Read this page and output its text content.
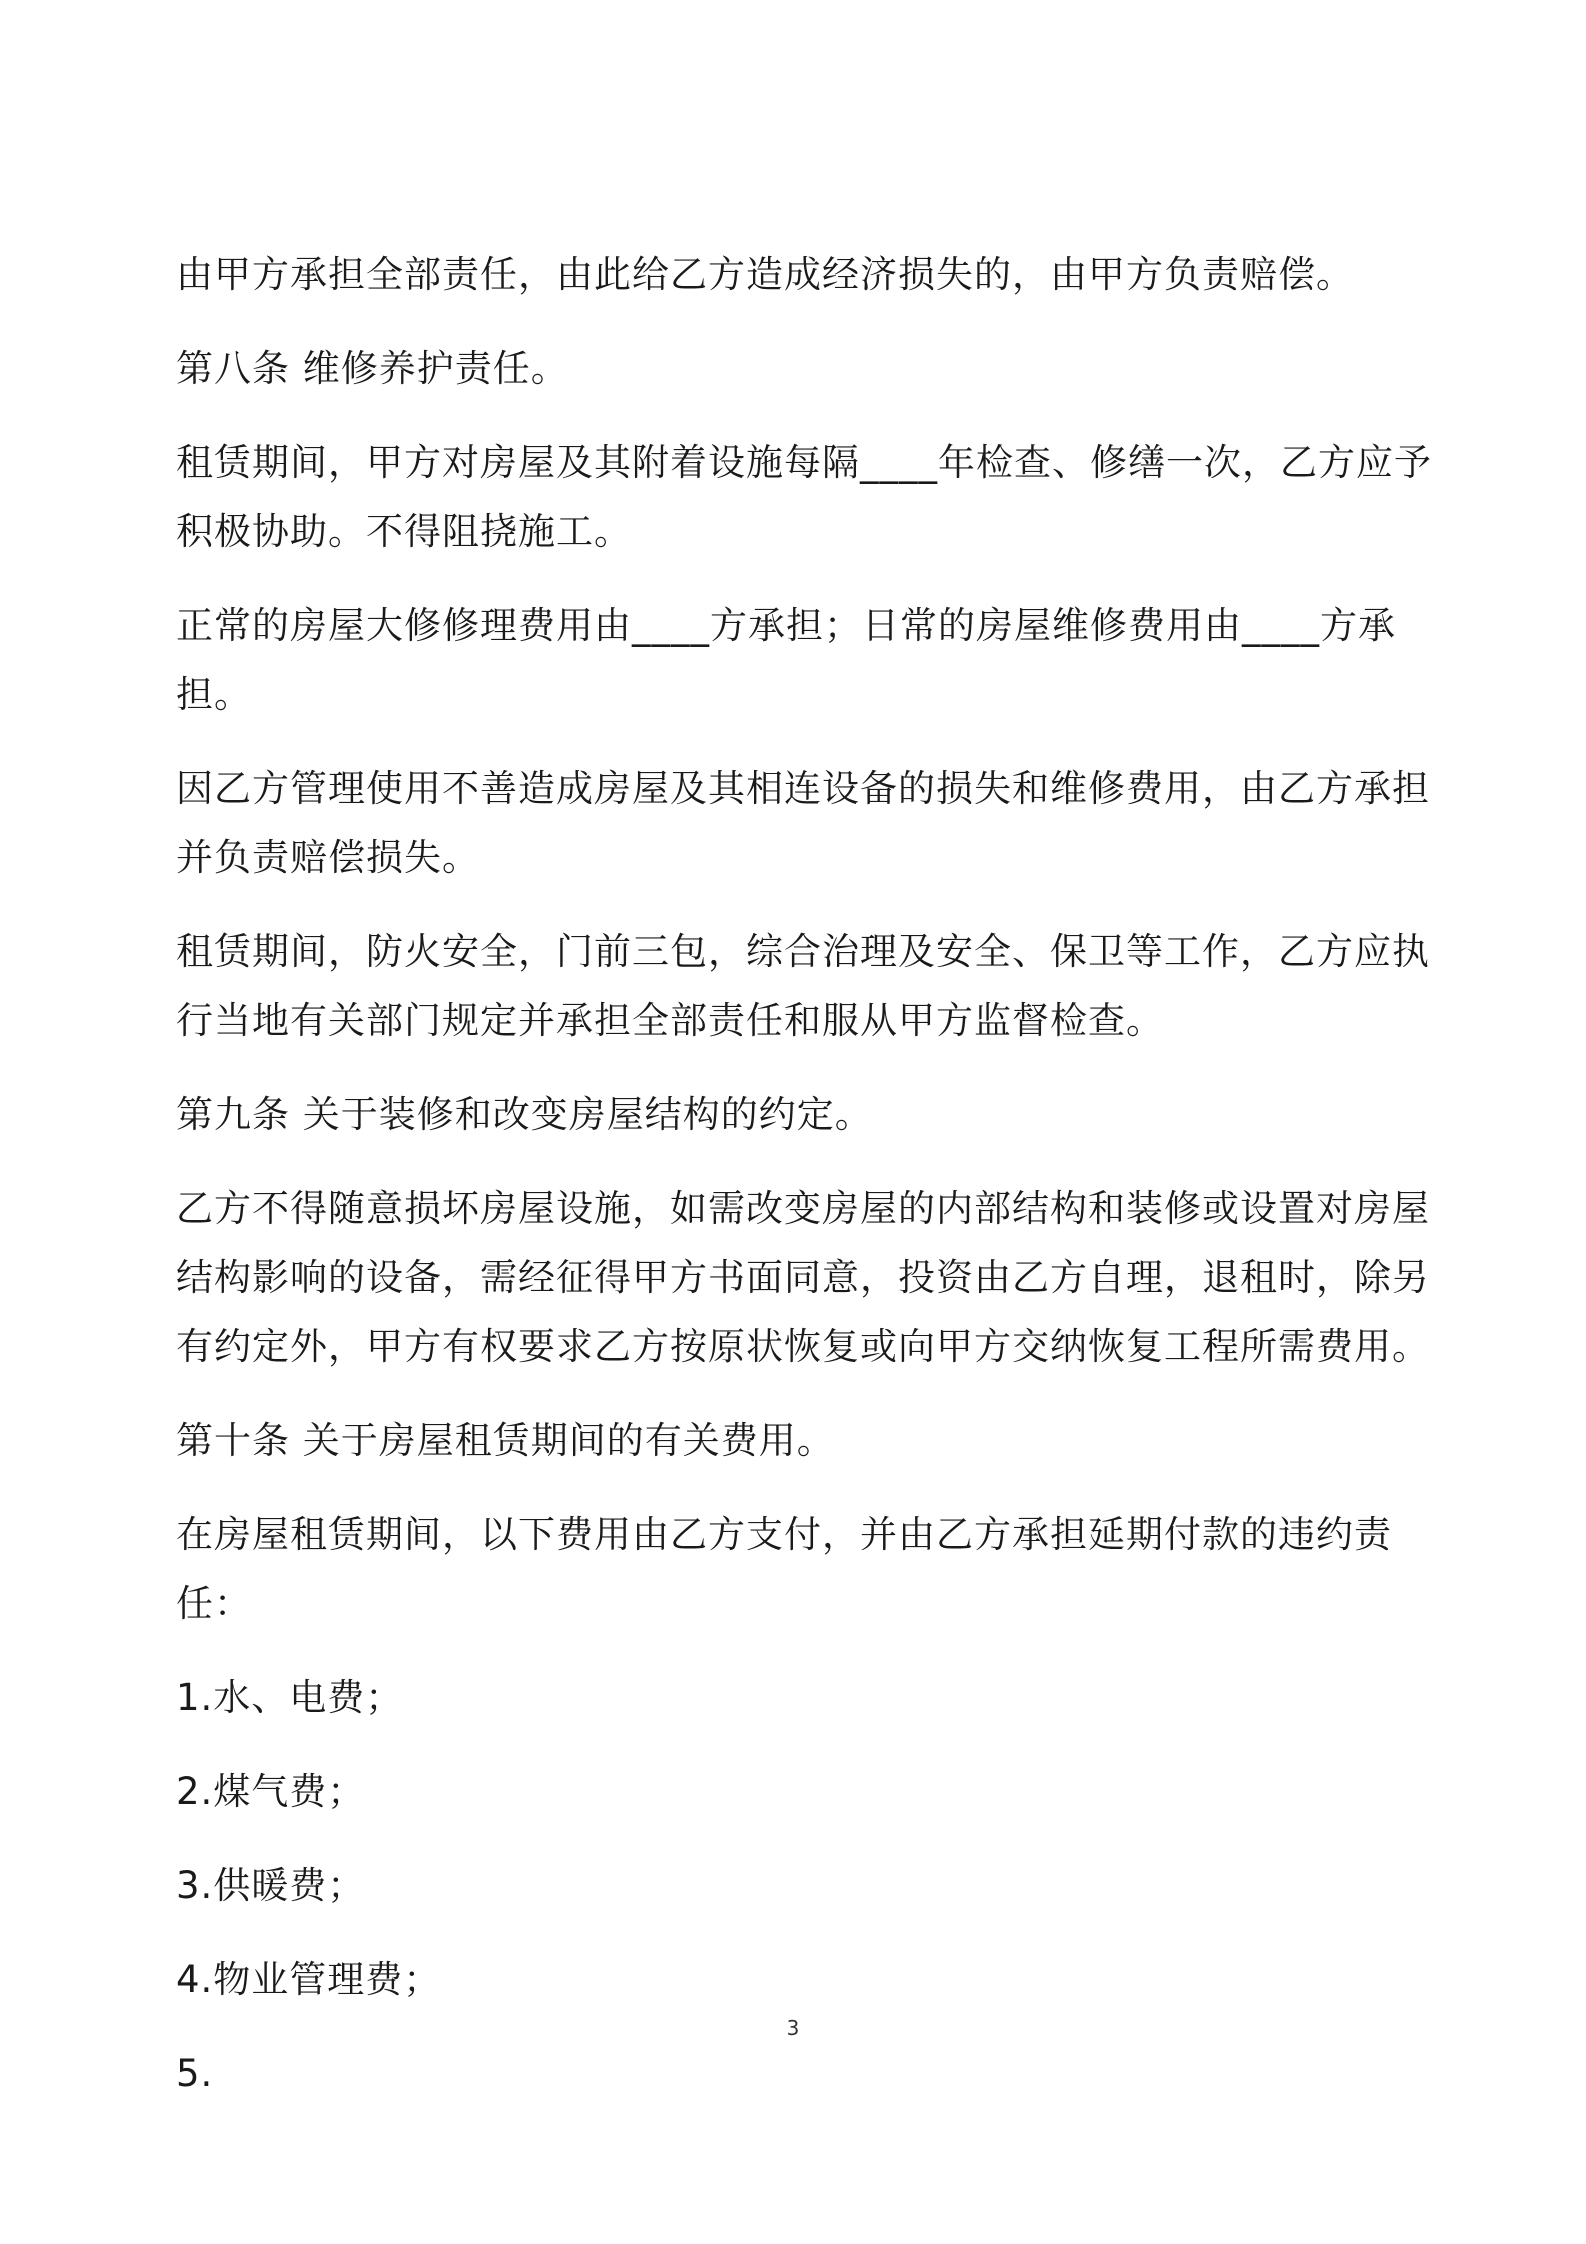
由甲方承担全部责任，由此给乙方造成经济损失的，由甲方负责赔偿。

第八条 维修养护责任。

租赁期间，甲方对房屋及其附着设施每隔____年检查、修缮一次，乙方应予积极协助。不得阻挠施工。

正常的房屋大修修理费用由____方承担；日常的房屋维修费用由____方承担。

因乙方管理使用不善造成房屋及其相连设备的损失和维修费用，由乙方承担并负责赔偿损失。

租赁期间，防火安全，门前三包，综合治理及安全、保卫等工作，乙方应执行当地有关部门规定并承担全部责任和服从甲方监督检查。

第九条 关于装修和改变房屋结构的约定。

乙方不得随意损坏房屋设施，如需改变房屋的内部结构和装修或设置对房屋结构影响的设备，需经征得甲方书面同意，投资由乙方自理，退租时，除另有约定外，甲方有权要求乙方按原状恢复或向甲方交纳恢复工程所需费用。

第十条 关于房屋租赁期间的有关费用。

在房屋租赁期间，以下费用由乙方支付，并由乙方承担延期付款的违约责任：

1.水、电费；

2.煤气费；

3.供暖费；

4.物业管理费；

5.

3
